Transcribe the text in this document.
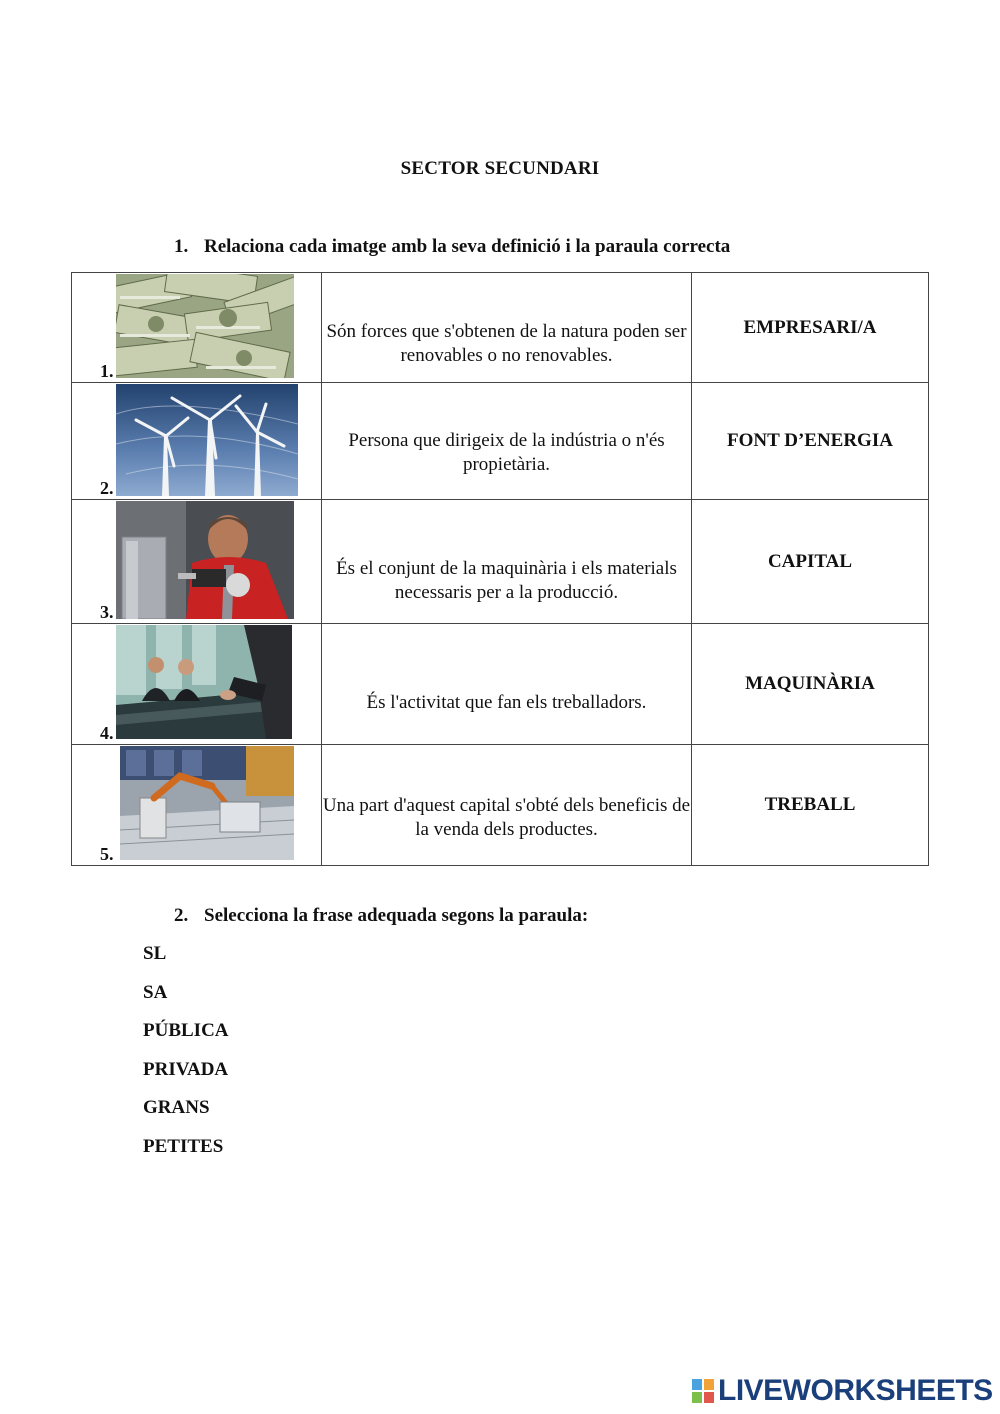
SECTOR SECUNDARI
1. Relaciona cada imatge amb la seva definició i la paraula correcta
1.	Són forces que s'obtenen de la natura poden ser renovables o no renovables.	EMPRESARI/A

2.	Persona que dirigeix de la indústria o n'és propietària.	FONT D’ENERGIA

3.	És el conjunt de la maquinària i els materials necessaris per a la producció.	CAPITAL

4.	És l'activitat que fan els treballadors.	MAQUINÀRIA

5.	Una part d'aquest capital s'obté dels beneficis de la venda dels productes.	TREBALL
2. Selecciona la frase adequada segons la paraula:
SL
SA
PÚBLICA
PRIVADA
GRANS
PETITES
LIVEWORKSHEETS
